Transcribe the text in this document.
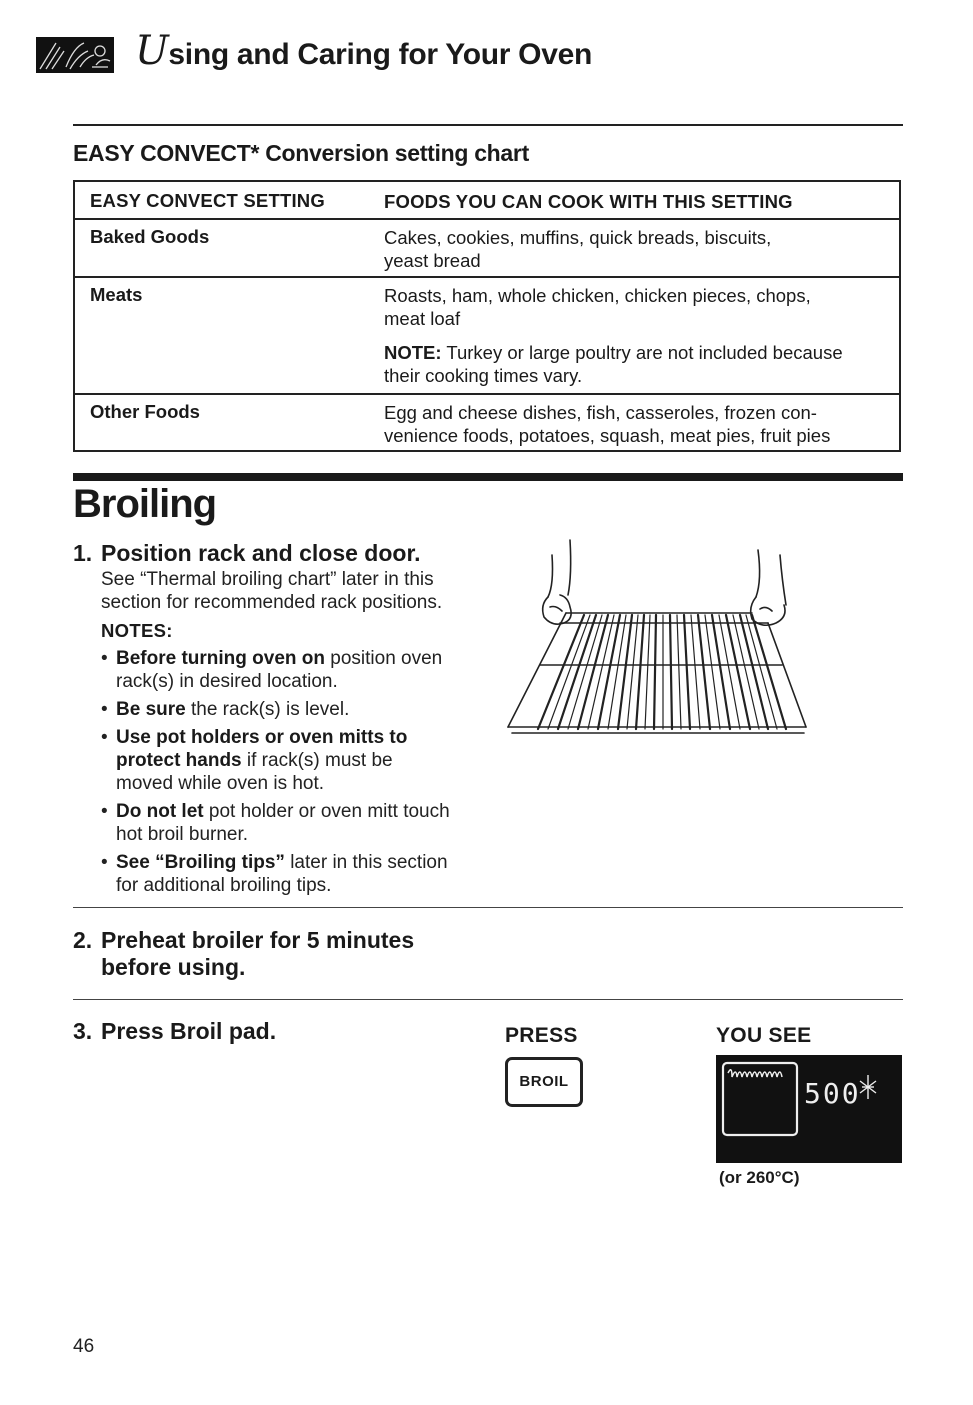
Using and Caring for Your Oven
EASY CONVECT* Conversion setting chart
EASY CONVECT SETTING	FOODS YOU CAN COOK WITH THIS SETTING
Baked Goods	Cakes, cookies, muffins, quick breads, biscuits,
yeast bread
Meats	Roasts, ham, whole chicken, chicken pieces, chops,
meat loaf

NOTE: Turkey or large poultry are not included because
their cooking times vary.

Other Foods	Egg and cheese dishes, fish, casseroles, frozen con-
venience foods, potatoes, squash, meat pies, fruit pies
Broiling
1. Position rack and close door.
See “Thermal broiling chart” later in this
section for recommended rack positions.
NOTES:
• Before turning oven on position oven
rack(s) in desired location.
• Be sure the rack(s) is level.
• Use pot holders or oven mitts to
protect hands if rack(s) must be
moved while oven is hot.
• Do not let pot holder or oven mitt touch
hot broil burner.
• See “Broiling tips” later in this section
for additional broiling tips.
2. Preheat broiler for 5 minutes
before using.
3. Press Broil pad.	PRESS	YOU SEE
BROIL	500
(or 260°C)
46
